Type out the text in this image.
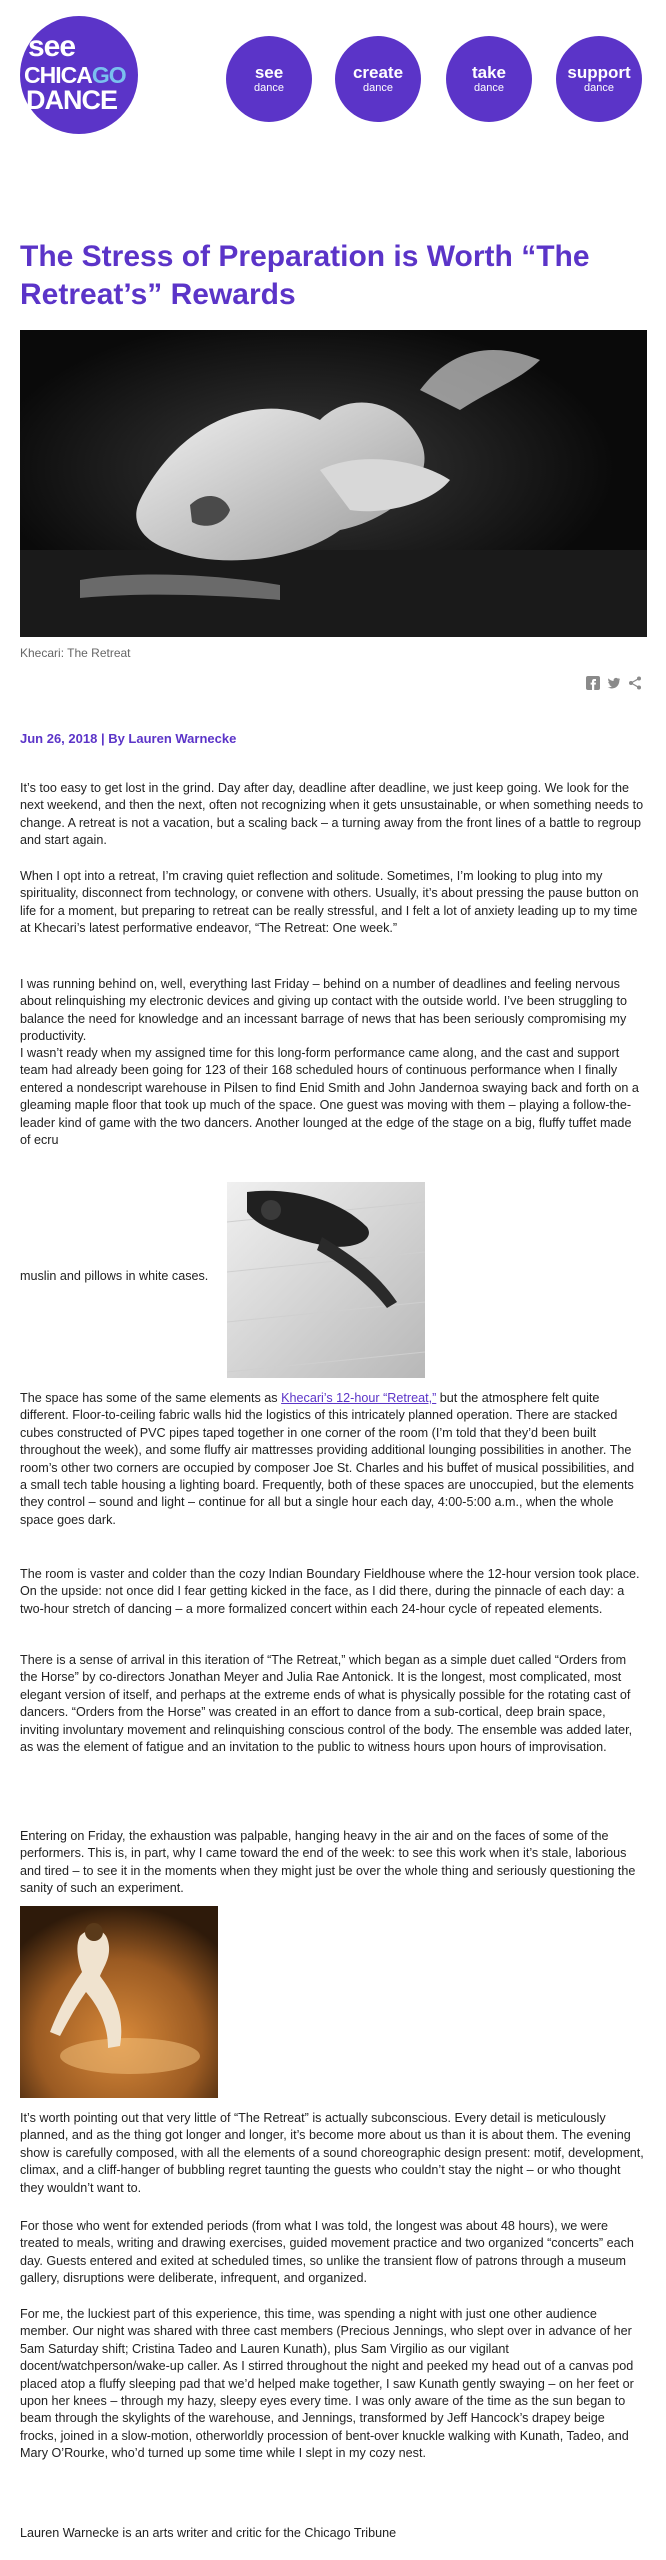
see
CHICAGO
DANCE
see
dance
create
dance
take
dance
support
dance
The Stress of Preparation is Worth “The Retreat’s” Rewards
Khecari: The Retreat
Jun 26, 2018 | By Lauren Warnecke

It’s too easy to get lost in the grind. Day after day, deadline after deadline, we just keep going. We look for the next weekend, and then the next, often not recognizing when it gets unsustainable, or when something needs to change. A retreat is not a vacation, but a scaling back – a turning away from the front lines of a battle to regroup and start again.

When I opt into a retreat, I’m craving quiet reflection and solitude. Sometimes, I’m looking to plug into my spirituality, disconnect from technology, or convene with others. Usually, it’s about pressing the pause button on life for a moment, but preparing to retreat can be really stressful, and I felt a lot of anxiety leading up to my time at Khecari’s latest performative endeavor, “The Retreat: One week.”

I was running behind on, well, everything last Friday – behind on a number of deadlines and feeling nervous about relinquishing my electronic devices and giving up contact with the outside world. I’ve been struggling to balance the need for knowledge and an incessant barrage of news that has been seriously compromising my productivity.

I wasn’t ready when my assigned time for this long-form performance came along, and the cast and support team had already been going for 123 of their 168 scheduled hours of continuous performance when I finally entered a nondescript warehouse in Pilsen to find Enid Smith and John Jandernoa swaying back and forth on a gleaming maple floor that took up much of the space. One guest was moving with them – playing a follow-the-leader kind of game with the two dancers. Another lounged at the edge of the stage on a big, fluffy tuffet made of ecru

muslin and pillows in white cases.

The space has some of the same elements as Khecari’s 12-hour “Retreat,” but the atmosphere felt quite different. Floor-to-ceiling fabric walls hid the logistics of this intricately planned operation. There are stacked cubes constructed of PVC pipes taped together in one corner of the room (I’m told that they’d been built throughout the week), and some fluffy air mattresses providing additional lounging possibilities in another. The room’s other two corners are occupied by composer Joe St. Charles and his buffet of musical possibilities, and a small tech table housing a lighting board. Frequently, both of these spaces are unoccupied, but the elements they control – sound and light – continue for all but a single hour each day, 4:00-5:00 a.m., when the whole space goes dark.

The room is vaster and colder than the cozy Indian Boundary Fieldhouse where the 12-hour version took place. On the upside: not once did I fear getting kicked in the face, as I did there, during the pinnacle of each day: a two-hour stretch of dancing – a more formalized concert within each 24-hour cycle of repeated elements.

There is a sense of arrival in this iteration of “The Retreat,” which began as a simple duet called “Orders from the Horse” by co-directors Jonathan Meyer and Julia Rae Antonick. It is the longest, most complicated, most elegant version of itself, and perhaps at the extreme ends of what is physically possible for the rotating cast of dancers. “Orders from the Horse” was created in an effort to dance from a sub-cortical, deep brain space, inviting involuntary movement and relinquishing conscious control of the body. The ensemble was added later, as was the element of fatigue and an invitation to the public to witness hours upon hours of improvisation.

Entering on Friday, the exhaustion was palpable, hanging heavy in the air and on the faces of some of the performers. This is, in part, why I came toward the end of the week: to see this work when it’s stale, laborious and tired – to see it in the moments when they might just be over the whole thing and seriously questioning the sanity of such an experiment.

It’s worth pointing out that very little of “The Retreat” is actually subconscious. Every detail is meticulously planned, and as the thing got longer and longer, it’s become more about us than it is about them. The evening show is carefully composed, with all the elements of a sound choreographic design present: motif, development, climax, and a cliff-hanger of bubbling regret taunting the guests who couldn’t stay the night – or who thought they wouldn’t want to.

For those who went for extended periods (from what I was told, the longest was about 48 hours), we were treated to meals, writing and drawing exercises, guided movement practice and two organized “concerts” each day. Guests entered and exited at scheduled times, so unlike the transient flow of patrons through a museum gallery, disruptions were deliberate, infrequent, and organized.

For me, the luckiest part of this experience, this time, was spending a night with just one other audience member. Our night was shared with three cast members (Precious Jennings, who slept over in advance of her 5am Saturday shift; Cristina Tadeo and Lauren Kunath), plus Sam Virgilio as our vigilant docent/watchperson/wake-up caller. As I stirred throughout the night and peeked my head out of a canvas pod placed atop a fluffy sleeping pad that we’d helped make together, I saw Kunath gently swaying – on her feet or upon her knees – through my hazy, sleepy eyes every time. I was only aware of the time as the sun began to beam through the skylights of the warehouse, and Jennings, transformed by Jeff Hancock’s drapey beige frocks, joined in a slow-motion, otherworldly procession of bent-over knuckle walking with Kunath, Tadeo, and Mary O’Rourke, who’d turned up some time while I slept in my cozy nest.

Lauren Warnecke is an arts writer and critic for the Chicago Tribune
